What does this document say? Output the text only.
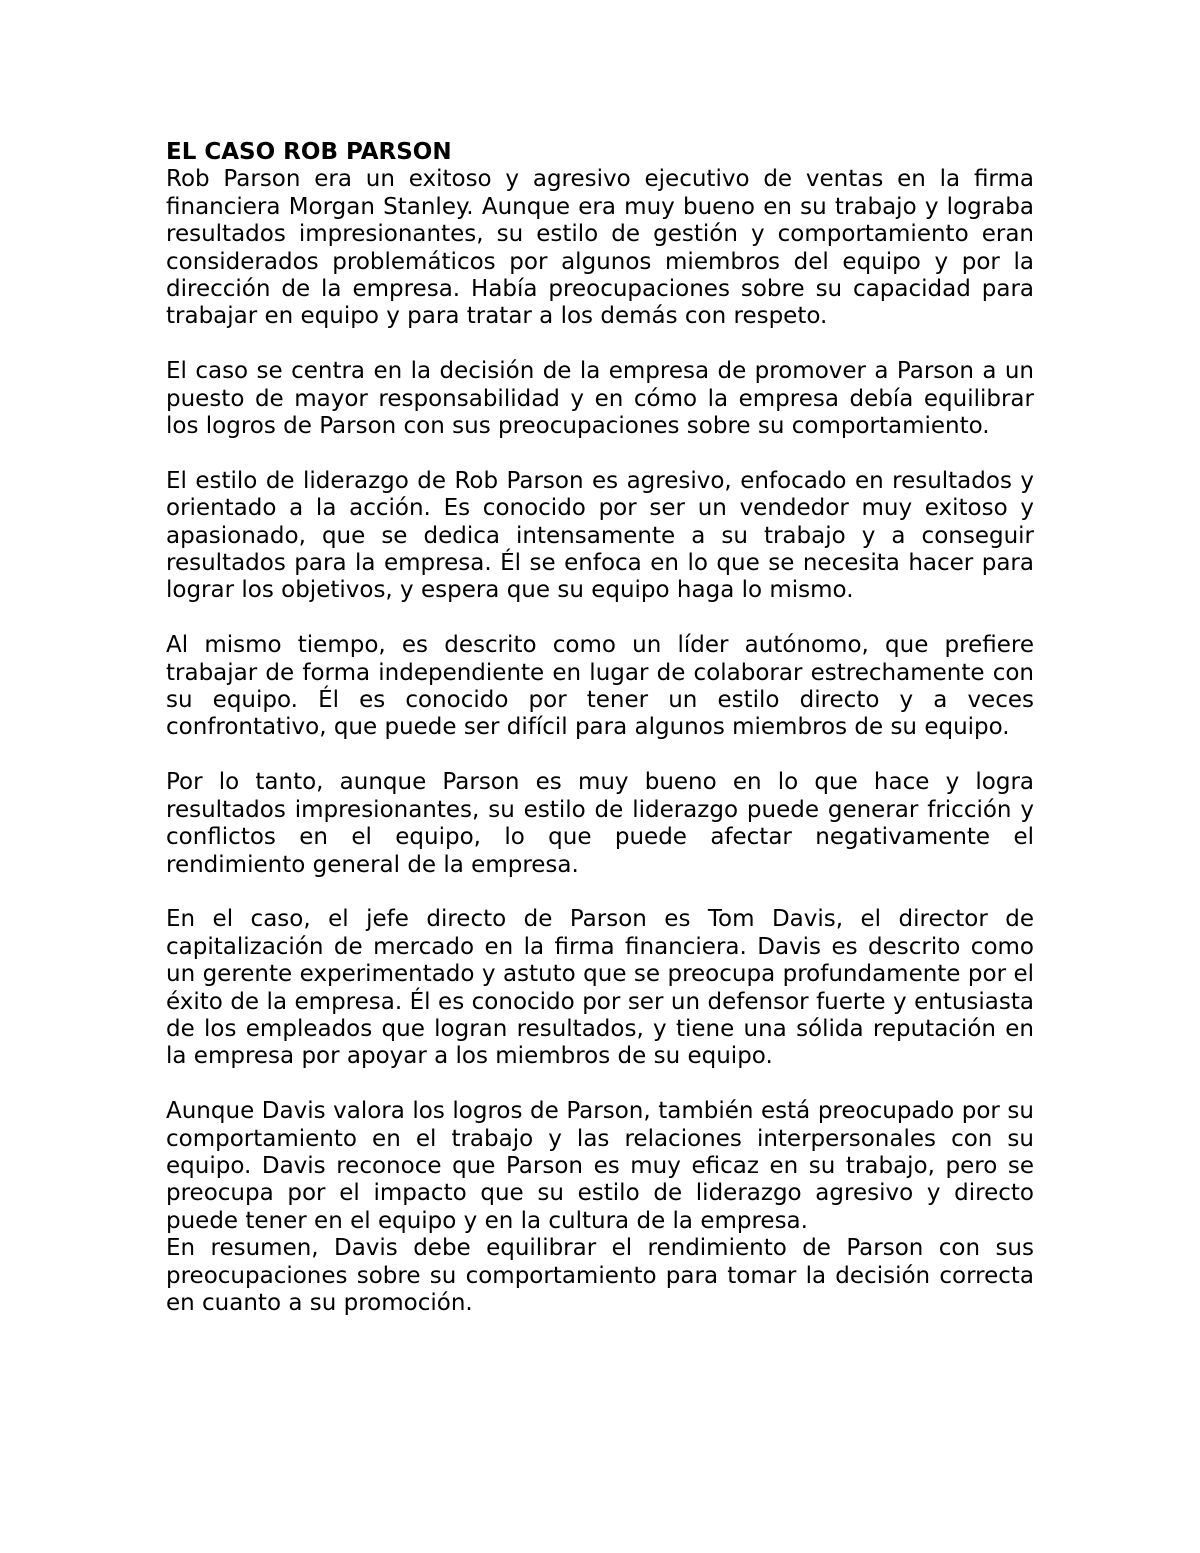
EL CASO ROB PARSON

Rob Parson era un exitoso y agresivo ejecutivo de ventas en la firma financiera Morgan Stanley. Aunque era muy bueno en su trabajo y lograba resultados impresionantes, su estilo de gestión y comportamiento eran considerados problemáticos por algunos miembros del equipo y por la dirección de la empresa. Había preocupaciones sobre su capacidad para trabajar en equipo y para tratar a los demás con respeto.

El caso se centra en la decisión de la empresa de promover a Parson a un puesto de mayor responsabilidad y en cómo la empresa debía equilibrar los logros de Parson con sus preocupaciones sobre su comportamiento.

El estilo de liderazgo de Rob Parson es agresivo, enfocado en resultados y orientado a la acción. Es conocido por ser un vendedor muy exitoso y apasionado, que se dedica intensamente a su trabajo y a conseguir resultados para la empresa. Él se enfoca en lo que se necesita hacer para lograr los objetivos, y espera que su equipo haga lo mismo.

Al mismo tiempo, es descrito como un líder autónomo, que prefiere trabajar de forma independiente en lugar de colaborar estrechamente con su equipo. Él es conocido por tener un estilo directo y a veces confrontativo, que puede ser difícil para algunos miembros de su equipo.

Por lo tanto, aunque Parson es muy bueno en lo que hace y logra resultados impresionantes, su estilo de liderazgo puede generar fricción y conflictos en el equipo, lo que puede afectar negativamente el rendimiento general de la empresa.

En el caso, el jefe directo de Parson es Tom Davis, el director de capitalización de mercado en la firma financiera. Davis es descrito como un gerente experimentado y astuto que se preocupa profundamente por el éxito de la empresa. Él es conocido por ser un defensor fuerte y entusiasta de los empleados que logran resultados, y tiene una sólida reputación en la empresa por apoyar a los miembros de su equipo.

Aunque Davis valora los logros de Parson, también está preocupado por su comportamiento en el trabajo y las relaciones interpersonales con su equipo. Davis reconoce que Parson es muy eficaz en su trabajo, pero se preocupa por el impacto que su estilo de liderazgo agresivo y directo puede tener en el equipo y en la cultura de la empresa.

En resumen, Davis debe equilibrar el rendimiento de Parson con sus preocupaciones sobre su comportamiento para tomar la decisión correcta en cuanto a su promoción.
